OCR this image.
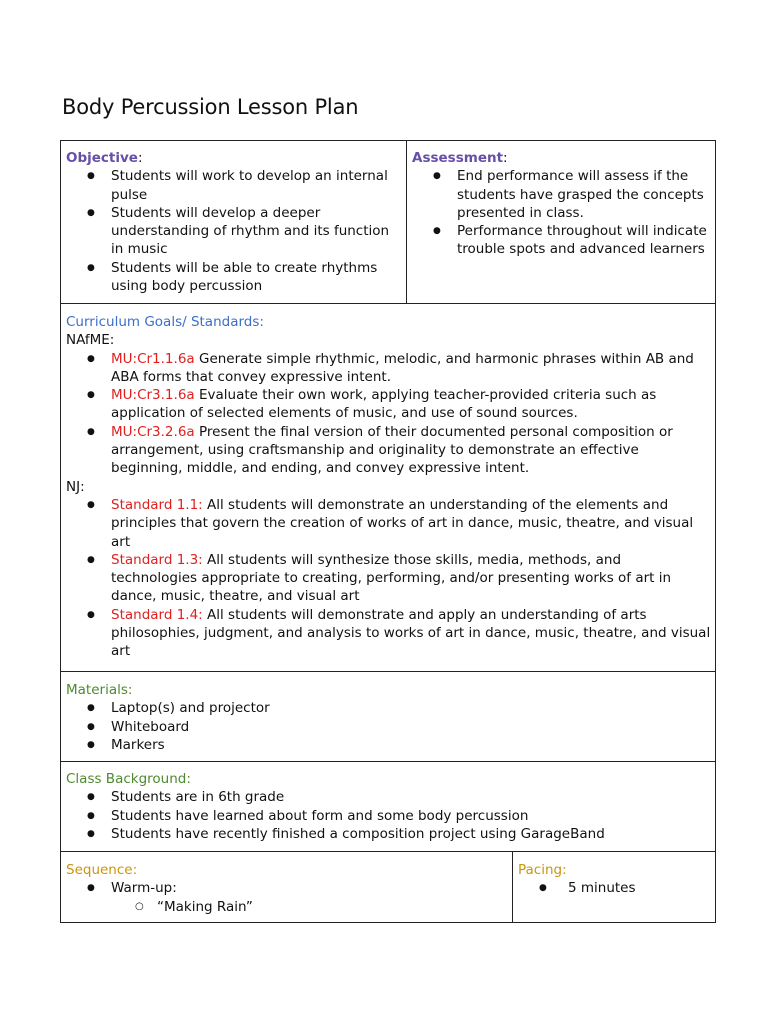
Body Percussion Lesson Plan
Objective:
● Students will work to develop an internal pulse
● Students will develop a deeper understanding of rhythm and its function in music
● Students will be able to create rhythms using body percussion
Assessment:
● End performance will assess if the students have grasped the concepts presented in class.
● Performance throughout will indicate trouble spots and advanced learners
Curriculum Goals/ Standards:
NAfME:
● MU:Cr1.1.6a Generate simple rhythmic, melodic, and harmonic phrases within AB and ABA forms that convey expressive intent.
● MU:Cr3.1.6a Evaluate their own work, applying teacher-provided criteria such as application of selected elements of music, and use of sound sources.
● MU:Cr3.2.6a Present the final version of their documented personal composition or arrangement, using craftsmanship and originality to demonstrate an effective beginning, middle, and ending, and convey expressive intent.
NJ:
● Standard 1.1: All students will demonstrate an understanding of the elements and principles that govern the creation of works of art in dance, music, theatre, and visual art
● Standard 1.3: All students will synthesize those skills, media, methods, and technologies appropriate to creating, performing, and/or presenting works of art in dance, music, theatre, and visual art
● Standard 1.4: All students will demonstrate and apply an understanding of arts philosophies, judgment, and analysis to works of art in dance, music, theatre, and visual art
Materials:
● Laptop(s) and projector
● Whiteboard
● Markers
Class Background:
● Students are in 6th grade
● Students have learned about form and some body percussion
● Students have recently finished a composition project using GarageBand
Sequence:
● Warm-up:
○ “Making Rain”
Pacing:
● 5 minutes
